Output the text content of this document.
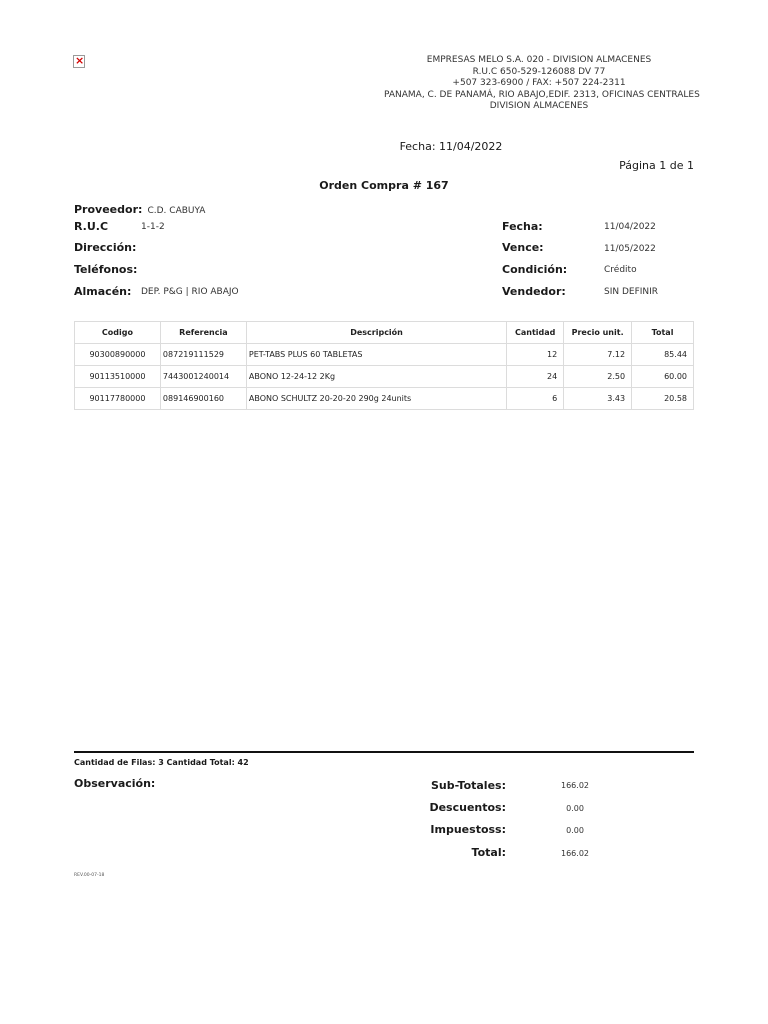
×	EMPRESAS MELO S.A. 020 - DIVISION ALMACENES
R.U.C 650-529-126088 DV 77
+507 323-6900 / FAX: +507 224-2311
PANAMA, C. DE PANAMÁ, RIO ABAJO,EDIF. 2313, OFICINAS CENTRALES
DIVISION ALMACENES
Fecha: 11/04/2022
Página 1 de 1
Orden Compra # 167
Proveedor: C.D. CABUYA
R.U.C	1-1-2
Dirección:
Teléfonos:
Almacén: DEP. P&G | RIO ABAJO
Fecha:	11/04/2022
Vence:	11/05/2022
Condición:	Crédito
Vendedor:	SIN DEFINIR
Codigo	Referencia	Descripción	Cantidad	Precio unit.	Total
90300890000	087219111529	PET-TABS PLUS 60 TABLETAS	12	7.12	85.44
90113510000	7443001240014	ABONO 12-24-12 2Kg	24	2.50	60.00
90117780000	089146900160	ABONO SCHULTZ 20-20-20 290g 24units	6	3.43	20.58
Cantidad de Filas: 3 Cantidad Total: 42
Observación:	Sub-Totales:	166.02
Descuentos:	0.00
Impuestoss:	0.00
Total:	166.02
REV.00-07-18
